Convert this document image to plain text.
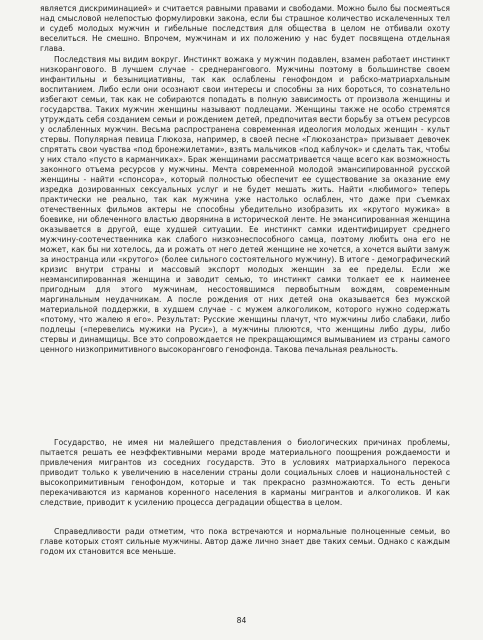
является дискриминацией» и считается равными правами и свободами. Можно было бы посмеяться над смысловой нелепостью формулировки закона, если бы страшное количество искалеченных тел и судеб молодых мужчин и гибельные последствия для общества в целом не отбивали охоту веселиться. Не смешно. Впрочем, мужчинам и их положению у нас будет посвящена отдельная глава.

Последствия мы видим вокруг. Инстинкт вожака у мужчин подавлен, взамен работает инстинкт низкорангового. В лучшем случае - среднерангового. Мужчины поэтому в большинстве своем инфантильны и безынициативны, так как ослаблены генофондом и рабско-матриархальным воспитанием. Либо если они осознают свои интересы и способны за них бороться, то сознательно избегают семьи, так как не собираются попадать в полную зависимость от произвола женщины и государства. Таких мужчин женщины называют подлецами. Женщины также не особо стремятся утруждать себя созданием семьи и рождением детей, предпочитая вести борьбу за отъем ресурсов у ослабленных мужчин. Весьма распространена современная идеология молодых женщин - культ стервы. Популярная певица Глюкоза, например, в своей песне «Глюкозанстра» призывает девочек спрятать свои чувства «под бронежилетами», взять мальчиков «под каблучок» и сделать так, чтобы у них стало «пусто в карманчиках». Брак женщинами рассматривается чаще всего как возможность законного отъема ресурсов у мужчины. Мечта современной молодой эмансипированной русской женщины - найти «спонсора», который полностью обеспечит ее существование за оказание ему изредка дозированных сексуальных услуг и не будет мешать жить. Найти «любимого» теперь практически не реально, так как мужчина уже настолько ослаблен, что даже при съемках отечественных фильмов актеры не способны убедительно изобразить их «крутого мужика» в боевике, ни облеченного властью дворянина в исторической ленте. Не эмансипированная женщина оказывается в другой, еще худшей ситуации. Ее инстинкт самки идентифицирует среднего мужчину-соотечественника как слабого низкоэнеспособного самца, поэтому любить она его не может, как бы ни хотелось, да и рожать от него детей женщине не хочется, а хочется выйти замуж за иностранца или «крутого» (более сильного состоятельного мужчину). В итоге - демографический кризис внутри страны и массовый экспорт молодых женщин за ее пределы. Если же неэмансипированная женщина и заводит семью, то инстинкт самки толкает ее к наименее пригодным для этого мужчинам, несостоявшимся первобытным вождям, современным маргинальным неудачникам. А после рождения от них детей она оказывается без мужской материальной поддержки, в худшем случае - с мужем алкоголиком, которого нужно содержать «потому, что жалею я его». Результат: Русские женщины плачут, что мужчины либо слабаки, либо подлецы («перевелись мужики на Руси»), а мужчины плюются, что женщины либо дуры, либо стервы и динамщицы. Все это сопровождается не прекращающимся вымыванием из страны самого ценного низкопримитивного высокоранговго генофонда. Такова печальная реальность.

Государство, не имея ни малейшего представления о биологических причинах проблемы, пытается решать ее неэффективными мерами вроде материального поощрения рождаемости и привлечения мигрантов из соседних государств. Это в условиях матриархального перекоса приводит только к увеличению в населении страны доли социальных слоев и национальностей с высокопримитивным генофондом, которые и так прекрасно размножаются. То есть деньги перекачиваются из карманов коренного населения в карманы мигрантов и алкоголиков. И как следствие, приводит к усилению процесса деградации общества в целом.

Справедливости ради отметим, что пока встречаются и нормальные полноценные семьи, во главе которых стоят сильные мужчины. Автор даже лично знает две таких семьи. Однако с каждым годом их становится все меньше.

84
